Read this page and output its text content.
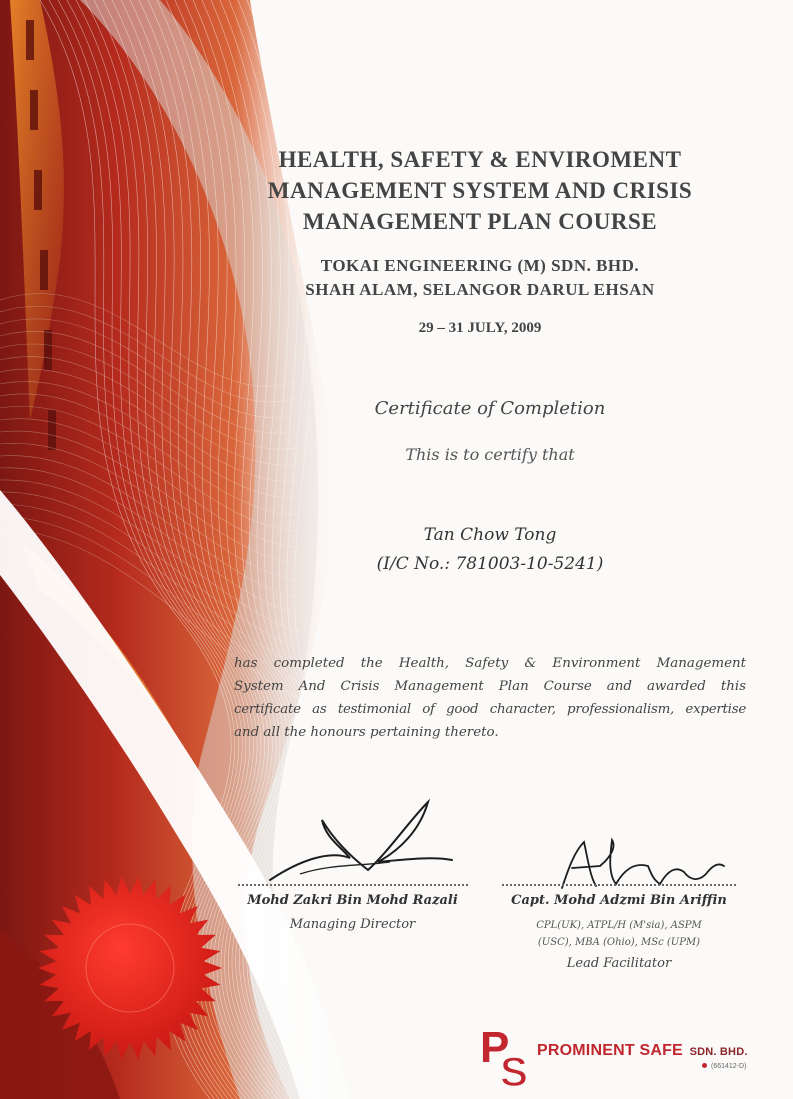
HEALTH, SAFETY & ENVIROMENT
MANAGEMENT SYSTEM AND CRISIS
MANAGEMENT PLAN COURSE
TOKAI ENGINEERING (M) SDN. BHD.
SHAH ALAM, SELANGOR DARUL EHSAN
29 – 31 JULY, 2009
Certificate of Completion
This is to certify that
Tan Chow Tong
(I/C No.: 781003-10-5241)
has completed the Health, Safety & Environment Management
System And Crisis Management Plan Course and awarded this
certificate as testimonial of good character, professionalism, expertise
and all the honours pertaining thereto.
Mohd Zakri Bin Mohd Razali
Managing Director
Capt. Mohd Adzmi Bin Ariffin
CPL(UK), ATPL/H (M'sia), ASPM
(USC), MBA (Ohio), MSc (UPM)
Lead Facilitator
P
S PROMINENT SAFE SDN. BHD.
(661412-D)
